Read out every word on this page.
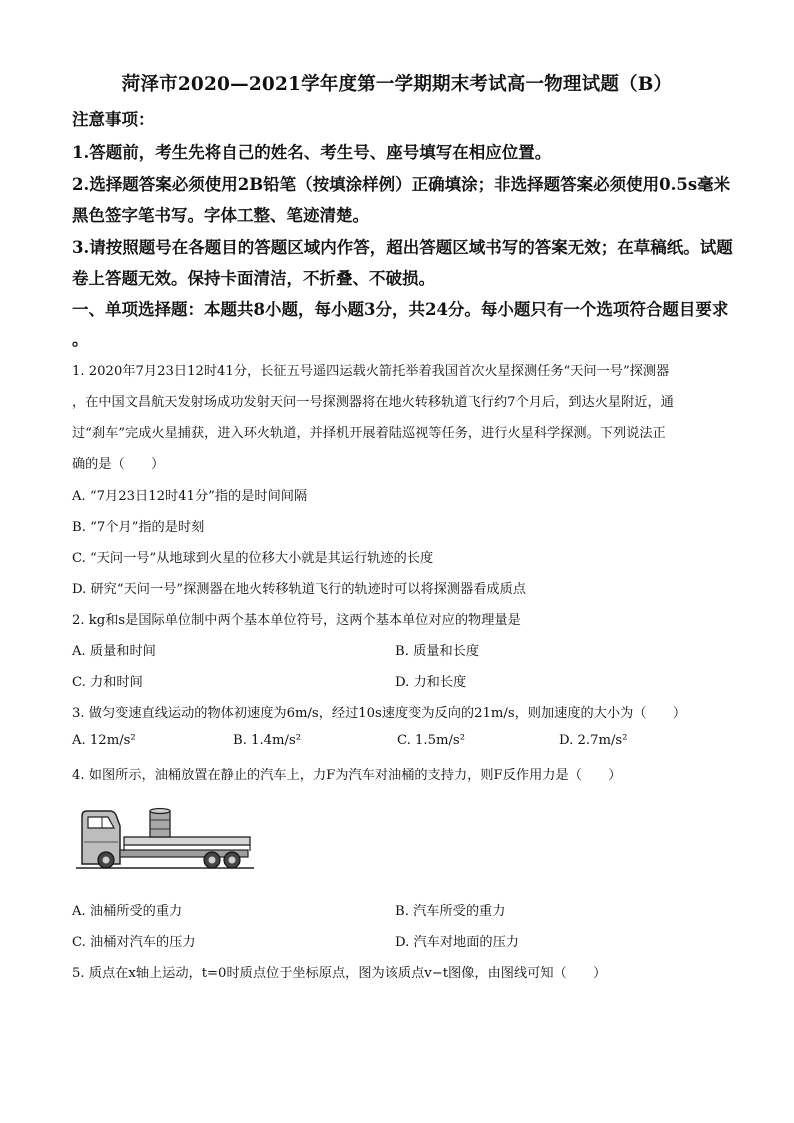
菏泽市2020—2021学年度第一学期期末考试高一物理试题（B）
注意事项：
1.答题前，考生先将自己的姓名、考生号、座号填写在相应位置。
2.选择题答案必须使用2B铅笔（按填涂样例）正确填涂；非选择题答案必须使用0.5s毫米
黑色签字笔书写。字体工整、笔迹清楚。
3.请按照题号在各题目的答题区域内作答，超出答题区域书写的答案无效；在草稿纸。试题
卷上答题无效。保持卡面清洁，不折叠、不破损。
一、单项选择题：本题共8小题，每小题3分，共24分。每小题只有一个选项符合题目要求
。
1. 2020年7月23日12时41分，长征五号遥四运载火箭托举着我国首次火星探测任务“天问一号”探测器
，在中国文昌航天发射场成功发射天问一号探测器将在地火转移轨道飞行约7个月后，到达火星附近，通
过“刹车”完成火星捕获，进入环火轨道，并择机开展着陆巡视等任务，进行火星科学探测。下列说法正
确的是（　　）
A. “7月23日12时41分”指的是时间间隔
B. “7个月”指的是时刻
C. “天问一号”从地球到火星的位移大小就是其运行轨迹的长度
D. 研究“天问一号”探测器在地火转移轨道飞行的轨迹时可以将探测器看成质点
2. kg和s是国际单位制中两个基本单位符号，这两个基本单位对应的物理量是
A. 质量和时间	B. 质量和长度
C. 力和时间	D. 力和长度
3. 做匀变速直线运动的物体初速度为6m/s，经过10s速度变为反向的21m/s，则加速度的大小为（　　）
A. 12m/s²	B. 1.4m/s²	C. 1.5m/s²	D. 2.7m/s²
4. 如图所示，油桶放置在静止的汽车上，力F为汽车对油桶的支持力，则F反作用力是（　　）
A. 油桶所受的重力	B. 汽车所受的重力
C. 油桶对汽车的压力	D. 汽车对地面的压力
5. 质点在x轴上运动，t=0时质点位于坐标原点，图为该质点v−t图像，由图线可知（　　）
